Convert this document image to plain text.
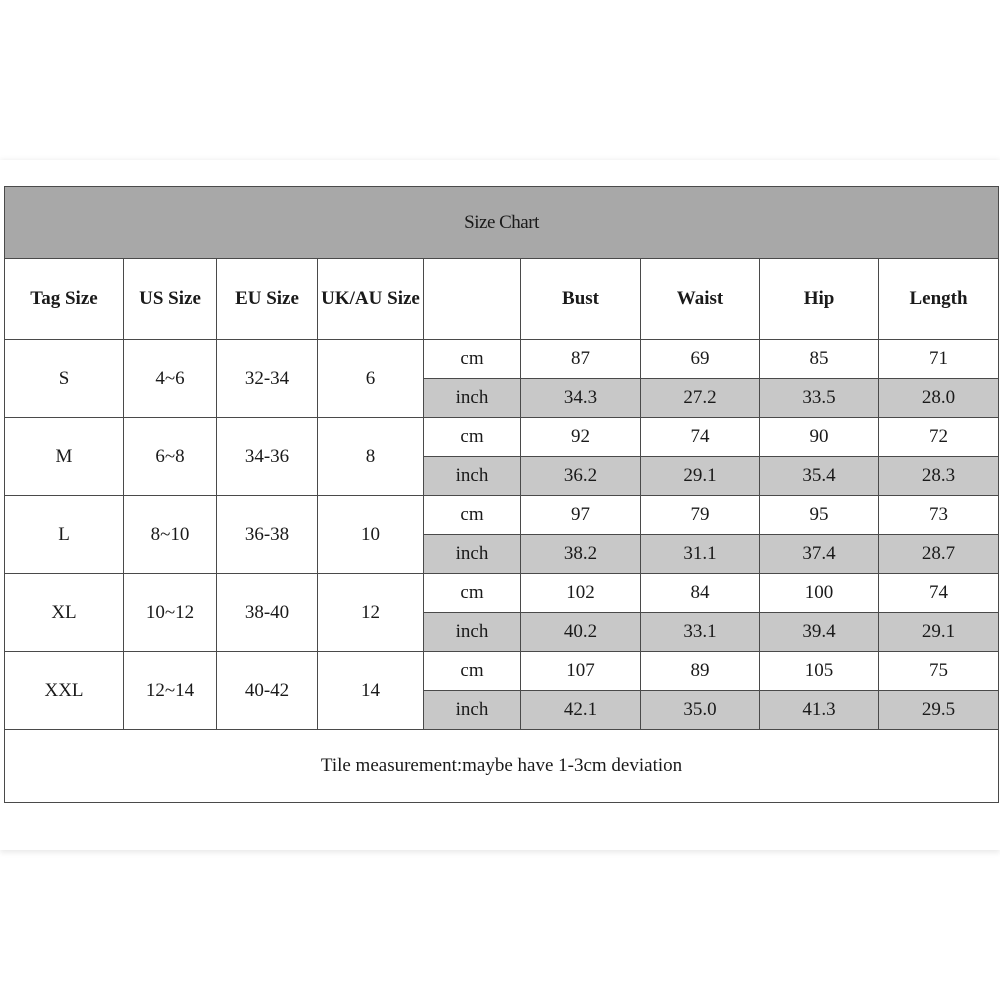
Size Chart								
Tag Size	US Size	EU Size	UK/AU Size		Bust	Waist	Hip	Length
S	4~6	32-34	6	cm	87	69	85	71
				inch	34.3	27.2	33.5	28.0
M	6~8	34-36	8	cm	92	74	90	72
				inch	36.2	29.1	35.4	28.3
L	8~10	36-38	10	cm	97	79	95	73
				inch	38.2	31.1	37.4	28.7
XL	10~12	38-40	12	cm	102	84	100	74
				inch	40.2	33.1	39.4	29.1
XXL	12~14	40-42	14	cm	107	89	105	75
				inch	42.1	35.0	41.3	29.5
Tile measurement:maybe have 1-3cm deviation								
